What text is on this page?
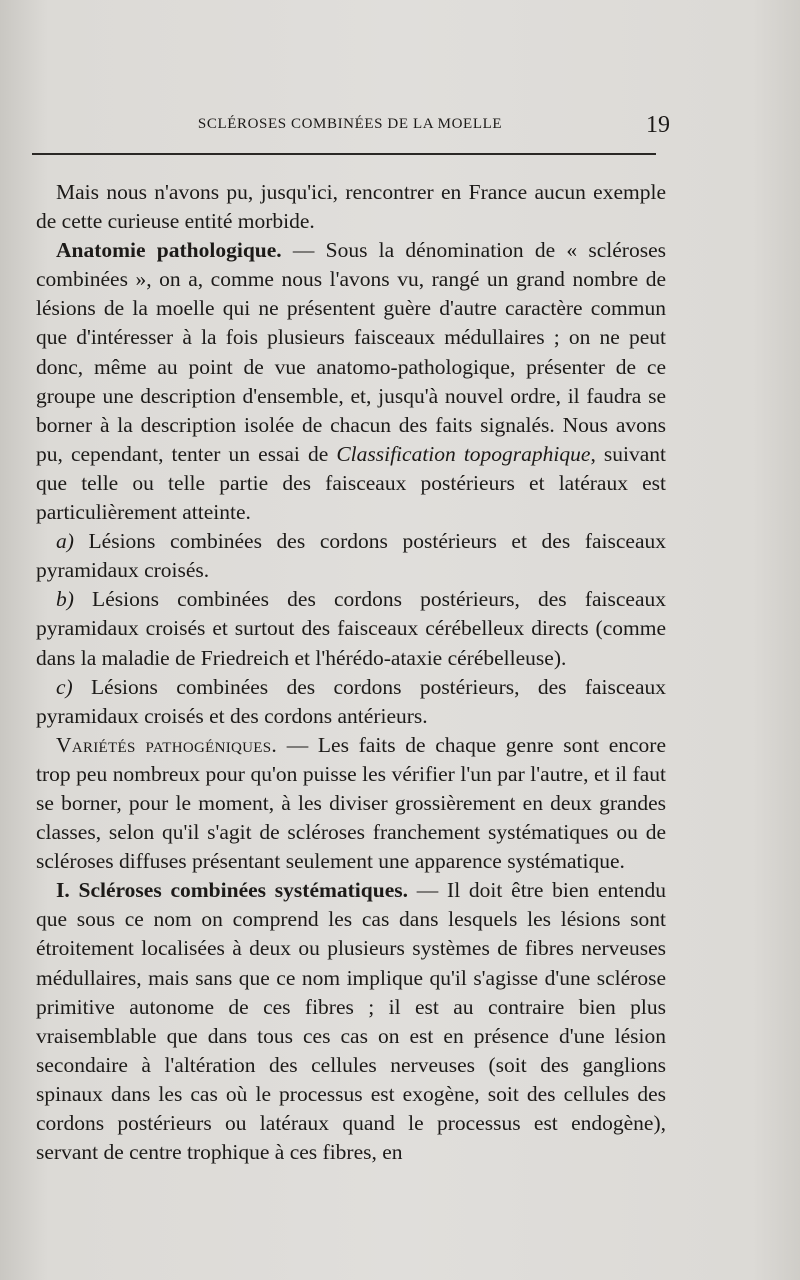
SCLÉROSES COMBINÉES DE LA MOELLE	19

Mais nous n'avons pu, jusqu'ici, rencontrer en France aucun exemple de cette curieuse entité morbide.

Anatomie pathologique. — Sous la dénomination de « scléroses combinées », on a, comme nous l'avons vu, rangé un grand nombre de lésions de la moelle qui ne présentent guère d'autre caractère commun que d'intéresser à la fois plusieurs faisceaux médullaires ; on ne peut donc, même au point de vue anatomo-pathologique, présenter de ce groupe une description d'ensemble, et, jusqu'à nouvel ordre, il faudra se borner à la description isolée de chacun des faits signalés. Nous avons pu, cependant, tenter un essai de Classification topographique, suivant que telle ou telle partie des faisceaux postérieurs et latéraux est particulièrement atteinte.

a) Lésions combinées des cordons postérieurs et des faisceaux pyramidaux croisés.

b) Lésions combinées des cordons postérieurs, des faisceaux pyramidaux croisés et surtout des faisceaux cérébelleux directs (comme dans la maladie de Friedreich et l'hérédo-ataxie cérébelleuse).

c) Lésions combinées des cordons postérieurs, des faisceaux pyramidaux croisés et des cordons antérieurs.

Variétés pathogéniques. — Les faits de chaque genre sont encore trop peu nombreux pour qu'on puisse les vérifier l'un par l'autre, et il faut se borner, pour le moment, à les diviser grossièrement en deux grandes classes, selon qu'il s'agit de scléroses franchement systématiques ou de scléroses diffuses présentant seulement une apparence systématique.

I. Scléroses combinées systématiques. — Il doit être bien entendu que sous ce nom on comprend les cas dans lesquels les lésions sont étroitement localisées à deux ou plusieurs systèmes de fibres nerveuses médullaires, mais sans que ce nom implique qu'il s'agisse d'une sclérose primitive autonome de ces fibres ; il est au contraire bien plus vraisemblable que dans tous ces cas on est en présence d'une lésion secondaire à l'altération des cellules nerveuses (soit des ganglions spinaux dans les cas où le processus est exogène, soit des cellules des cordons postérieurs ou latéraux quand le processus est endogène), servant de centre trophique à ces fibres, en
